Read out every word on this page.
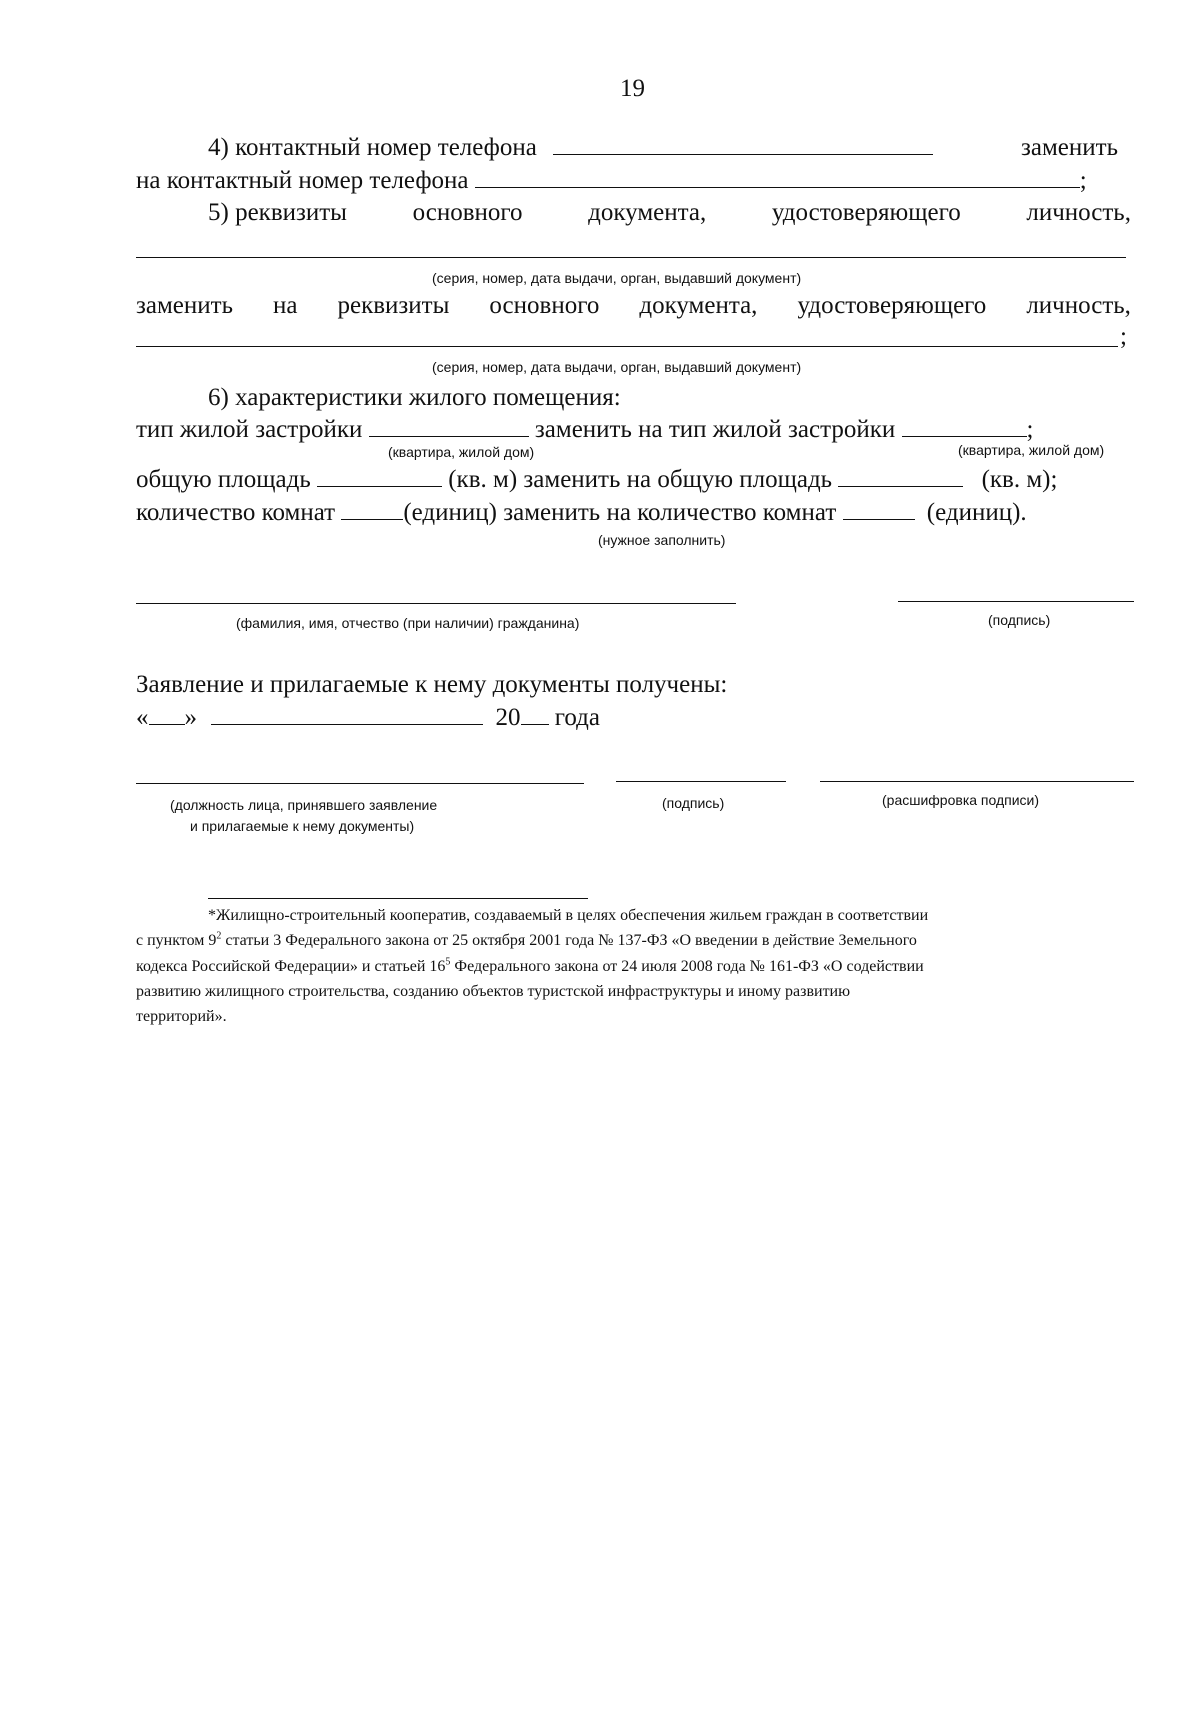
19
4) контактный номер телефона	заменить
на контактный номер телефона	;
5) реквизиты	основного	документа,	удостоверяющего	личность,
(серия, номер, дата выдачи, орган, выдавший документ)
заменить на реквизиты основного документа, удостоверяющего личность,
;
(серия, номер, дата выдачи, орган, выдавший документ)
6) характеристики жилого помещения:
тип жилой застройки	заменить на тип жилой застройки	;
(квартира, жилой дом)	(квартира, жилой дом)
общую площадь	(кв. м) заменить на общую площадь	(кв. м);
количество комнат	(единиц) заменить на количество комнат	(единиц).
(нужное заполнить)
(фамилия, имя, отчество (при наличии) гражданина)	(подпись)
Заявление и прилагаемые к нему документы получены:
« »	20 года
(должность лица, принявшего заявление
и прилагаемые к нему документы)
(подпись)	(расшифровка подписи)
*Жилищно-строительный кооператив, создаваемый в целях обеспечения жильем граждан в соответствии
с пунктом $9^2$ статьи 3 Федерального закона от 25 октября 2001 года № 137-ФЗ «О введении в действие Земельного
кодекса Российской Федерации» и статьей $16^5$ Федерального закона от 24 июля 2008 года № 161-ФЗ «О содействии
развитию жилищного строительства, созданию объектов туристской инфраструктуры и иному развитию
территорий».
